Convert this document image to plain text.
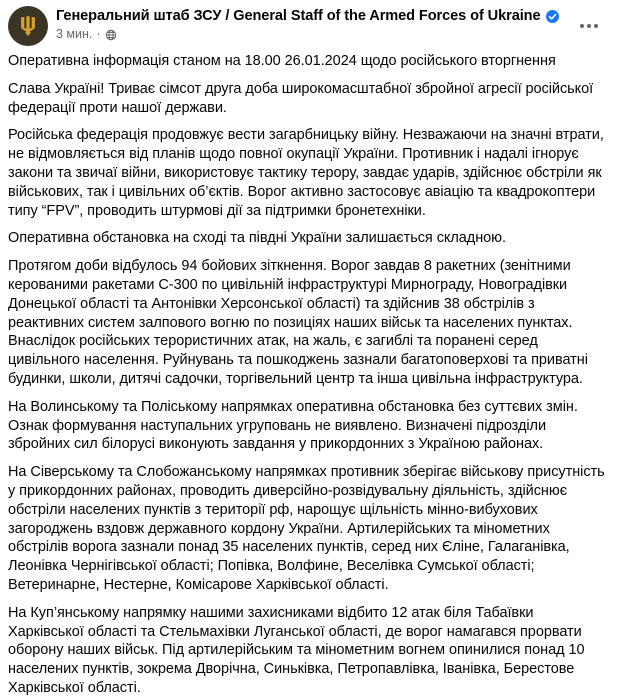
Генеральний штаб ЗСУ / General Staff of the Armed Forces of Ukraine
3 мин. ·

Оперативна інформація станом на 18.00 26.01.2024 щодо російського вторгнення

Слава Україні! Триває сімсот друга доба широкомасштабної збройної агресії російської федерації проти нашої держави.

Російська федерація продовжує вести загарбницьку війну. Незважаючи на значні втрати, не відмовляється від планів щодо повної окупації України. Противник і надалі ігнорує закони та звичаї війни, використовує тактику терору, завдає ударів, здійснює обстріли як військових, так і цивільних об’єктів. Ворог активно застосовує авіацію та квадрокоптери типу “FPV”, проводить штурмові дії за підтримки бронетехніки.

Оперативна обстановка на сході та півдні України залишається складною.

Протягом доби відбулось 94 бойових зіткнення. Ворог завдав 8 ракетних (зенітними керованими ракетами С-300 по цивільній інфраструктурі Мирнограду, Новоградівки Донецької області та Антонівки Херсонської області) та здійснив 38 обстрілів з реактивних систем залпового вогню по позиціях наших військ та населених пунктах. Внаслідок російських терористичних атак, на жаль, є загиблі та поранені серед цивільного населення. Руйнувань та пошкоджень зазнали багатоповерхові та приватні будинки, школи, дитячі садочки, торгівельний центр та інша цивільна інфраструктура.

На Волинському та Поліському напрямках оперативна обстановка без суттєвих змін. Ознак формування наступальних угруповань не виявлено. Визначені підрозділи збройних сил білорусі виконують завдання у прикордонних з Україною районах.

На Сіверському та Слобожанському напрямках противник зберігає військову присутність у прикордонних районах, проводить диверсійно-розвідувальну діяльність, здійснює обстріли населених пунктів з території рф, нарощує щільність мінно-вибухових загороджень вздовж державного кордону України. Артилерійських та мінометних обстрілів ворога зазнали понад 35 населених пунктів, серед них Єліне, Галаганівка, Леонівка Чернігівської області; Попівка, Волфине, Веселівка Сумської області; Ветеринарне, Нестерне, Комісарове Харківської області.

На Куп’янському напрямку нашими захисниками відбито 12 атак біля Табаївки Харківської області та Стельмахівки Луганської області, де ворог намагався прорвати оборону наших військ. Під артилерійським та мінометним вогнем опинилися понад 10 населених пунктів, зокрема Дворічна, Синьківка, Петропавлівка, Іванівка, Берестове Харківської області.
